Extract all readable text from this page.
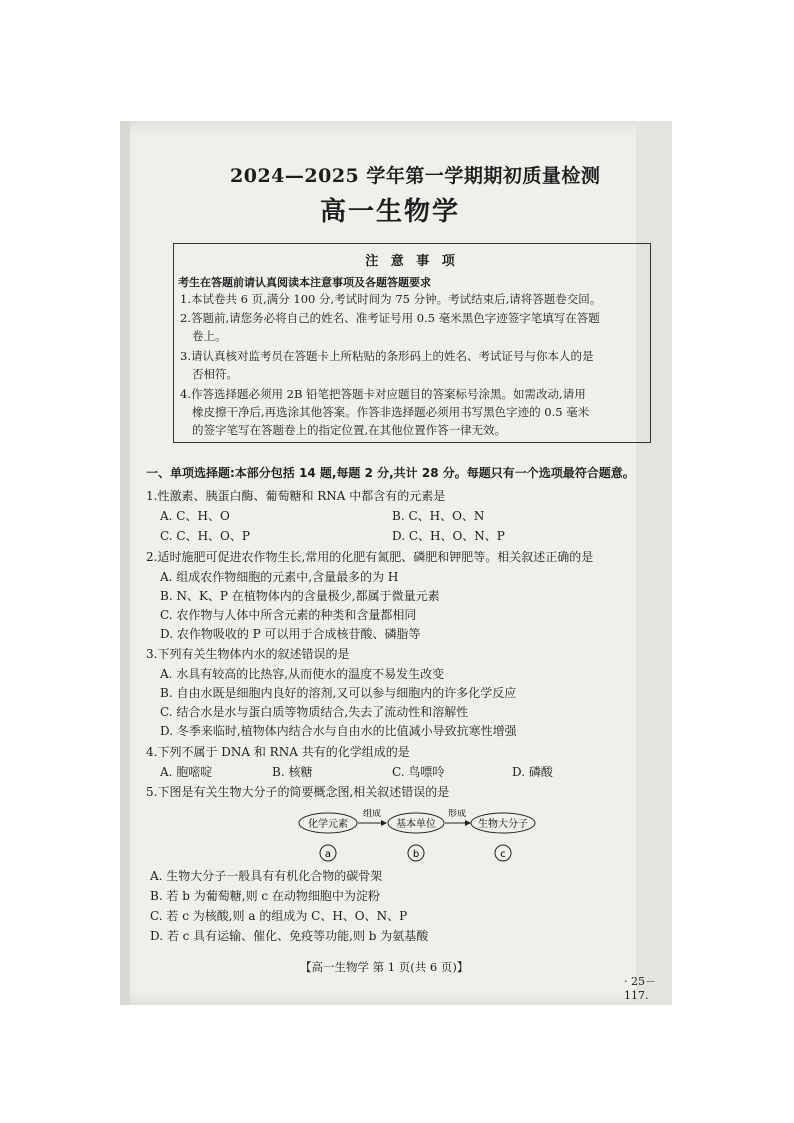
2024—2025 学年第一学期期初质量检测
高一生物学
注 意 事 项
考生在答题前请认真阅读本注意事项及各题答题要求
1.本试卷共 6 页,满分 100 分,考试时间为 75 分钟。考试结束后,请将答题卷交回。
2.答题前,请您务必将自己的姓名、准考证号用 0.5 毫米黑色字迹签字笔填写在答题
卷上。
3.请认真核对监考员在答题卡上所粘贴的条形码上的姓名、考试证号与你本人的是
否相符。
4.作答选择题必须用 2B 铅笔把答题卡对应题目的答案标号涂黑。如需改动,请用
橡皮擦干净后,再选涂其他答案。作答非选择题必须用书写黑色字迹的 0.5 毫米
的签字笔写在答题卷上的指定位置,在其他位置作答一律无效。
一、单项选择题:本部分包括 14 题,每题 2 分,共计 28 分。每题只有一个选项最符合题意。
1.性激素、胰蛋白酶、葡萄糖和 RNA 中都含有的元素是
A. C、H、O	B. C、H、O、N
C. C、H、O、P	D. C、H、O、N、P
2.适时施肥可促进农作物生长,常用的化肥有氮肥、磷肥和钾肥等。相关叙述正确的是
A. 组成农作物细胞的元素中,含量最多的为 H
B. N、K、P 在植物体内的含量极少,都属于微量元素
C. 农作物与人体中所含元素的种类和含量都相同
D. 农作物吸收的 P 可以用于合成核苷酸、磷脂等
3.下列有关生物体内水的叙述错误的是
A. 水具有较高的比热容,从而使水的温度不易发生改变
B. 自由水既是细胞内良好的溶剂,又可以参与细胞内的许多化学反应
C. 结合水是水与蛋白质等物质结合,失去了流动性和溶解性
D. 冬季来临时,植物体内结合水与自由水的比值减小导致抗寒性增强
4.下列不属于 DNA 和 RNA 共有的化学组成的是
A. 胞嘧啶	B. 核糖	C. 鸟嘌呤	D. 磷酸
5.下图是有关生物大分子的简要概念图,相关叙述错误的是
化学元素
组成
基本单位
形成
生物大分子
a	b	c
A. 生物大分子一般具有有机化合物的碳骨架
B. 若 b 为葡萄糖,则 c 在动物细胞中为淀粉
C. 若 c 为核酸,则 a 的组成为 C、H、O、N、P
D. 若 c 具有运输、催化、免疫等功能,则 b 为氨基酸
【高一生物学 第 1 页(共 6 页)】
· 25－117.
